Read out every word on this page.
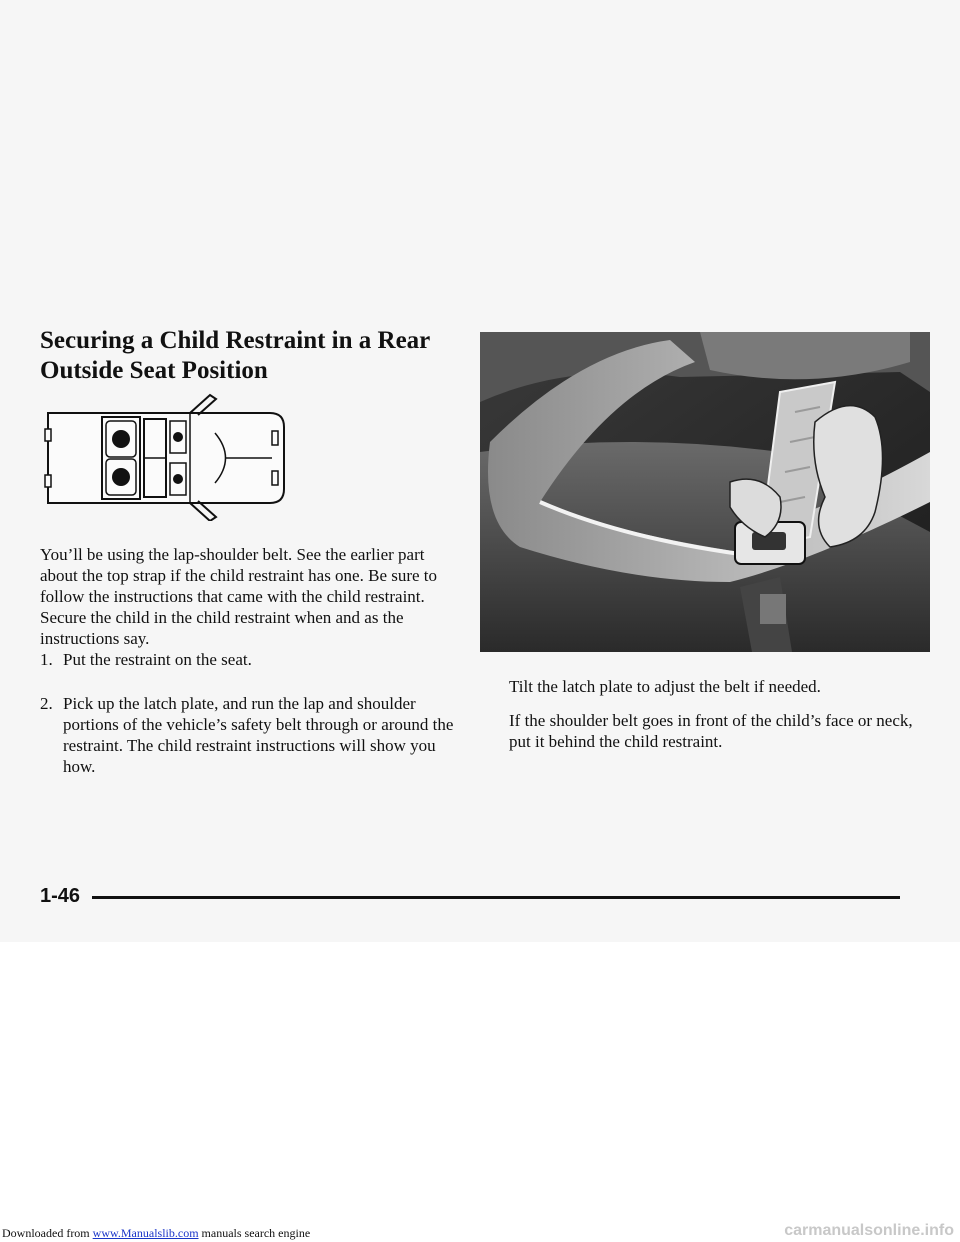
Securing a Child Restraint in a Rear
Outside Seat Position

You’ll be using the lap-shoulder belt. See the earlier part about the top strap if the child restraint has one. Be sure to follow the instructions that came with the child restraint. Secure the child in the child restraint when and as the instructions say.

1. Put the restraint on the seat.
2. Pick up the latch plate, and run the lap and shoulder portions of the vehicle’s safety belt through or around the restraint. The child restraint instructions will show you how.

Tilt the latch plate to adjust the belt if needed.

If the shoulder belt goes in front of the child’s face or neck, put it behind the child restraint.

1-46
Downloaded from www.Manualslib.com manuals search engine	carmanualsonline.info
